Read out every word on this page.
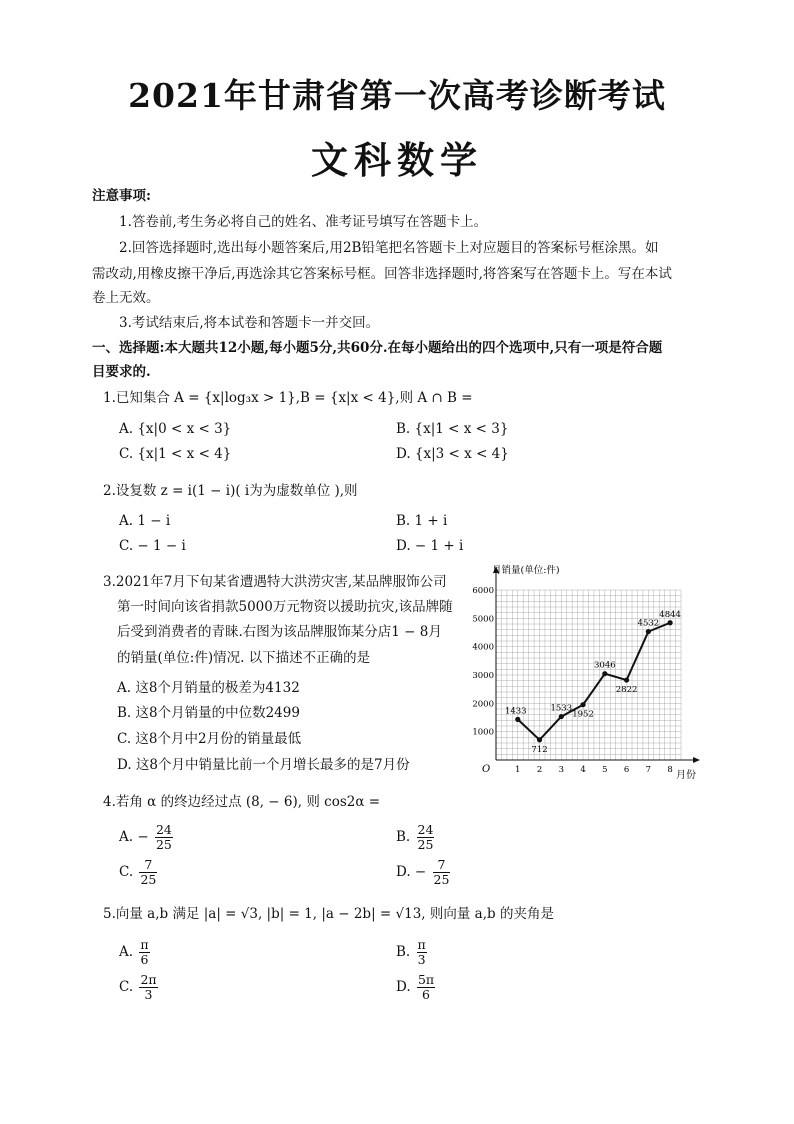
2021年甘肃省第一次高考诊断考试
文科数学
注意事项:
1.答卷前,考生务必将自己的姓名、准考证号填写在答题卡上。
2.回答选择题时,选出每小题答案后,用2B铅笔把名答题卡上对应题目的答案标号框涂黑。如
需改动,用橡皮擦干净后,再选涂其它答案标号框。回答非选择题时,将答案写在答题卡上。写在本试
卷上无效。
3.考试结束后,将本试卷和答题卡一并交回。
一、选择题:本大题共12小题,每小题5分,共60分.在每小题给出的四个选项中,只有一项是符合题
目要求的.
1.已知集合 A = {x|log₃x > 1},B = {x|x < 4},则 A ∩ B =
A. {x|0 < x < 3}	B. {x|1 < x < 3}
C. {x|1 < x < 4}	D. {x|3 < x < 4}
2.设复数 z = i(1 − i)( i为为虚数单位 ),则
A. 1 − i	B. 1 + i
C. − 1 − i	D. − 1 + i
3.2021年7月下旬某省遭遇特大洪涝灾害,某品牌服饰公司
第一时间向该省捐款5000万元物资以援助抗灾,该品牌随
后受到消费者的青睐.右图为该品牌服饰某分店1 − 8月
的销量(单位:件)情况. 以下描述不正确的是
A. 这8个月销量的极差为4132
B. 这8个月销量的中位数2499
C. 这8个月中2月份的销量最低
D. 这8个月中销量比前一个月增长最多的是7月份
1000
2000
3000
4000
5000
6000
1 2 3 4 5 6 7 8
1433
712
1533
1952
3046
2822
4532
4844
月销量(单位:件)
月份
O
4.若角 α 的终边经过点 (8, − 6), 则 cos2α =
A. − $\frac{24}{25}$	B. $\frac{24}{25}$
C. $\frac{7}{25}$	D. − $\frac{7}{25}$
5.向量 a,b 满足 |a| = √3, |b| = 1, |a − 2b| = √13, 则向量 a,b 的夹角是
A. $\frac{\pi}{6}$	B. $\frac{\pi}{3}$
C. $\frac{2\pi}{3}$	D. $\frac{5\pi}{6}$
